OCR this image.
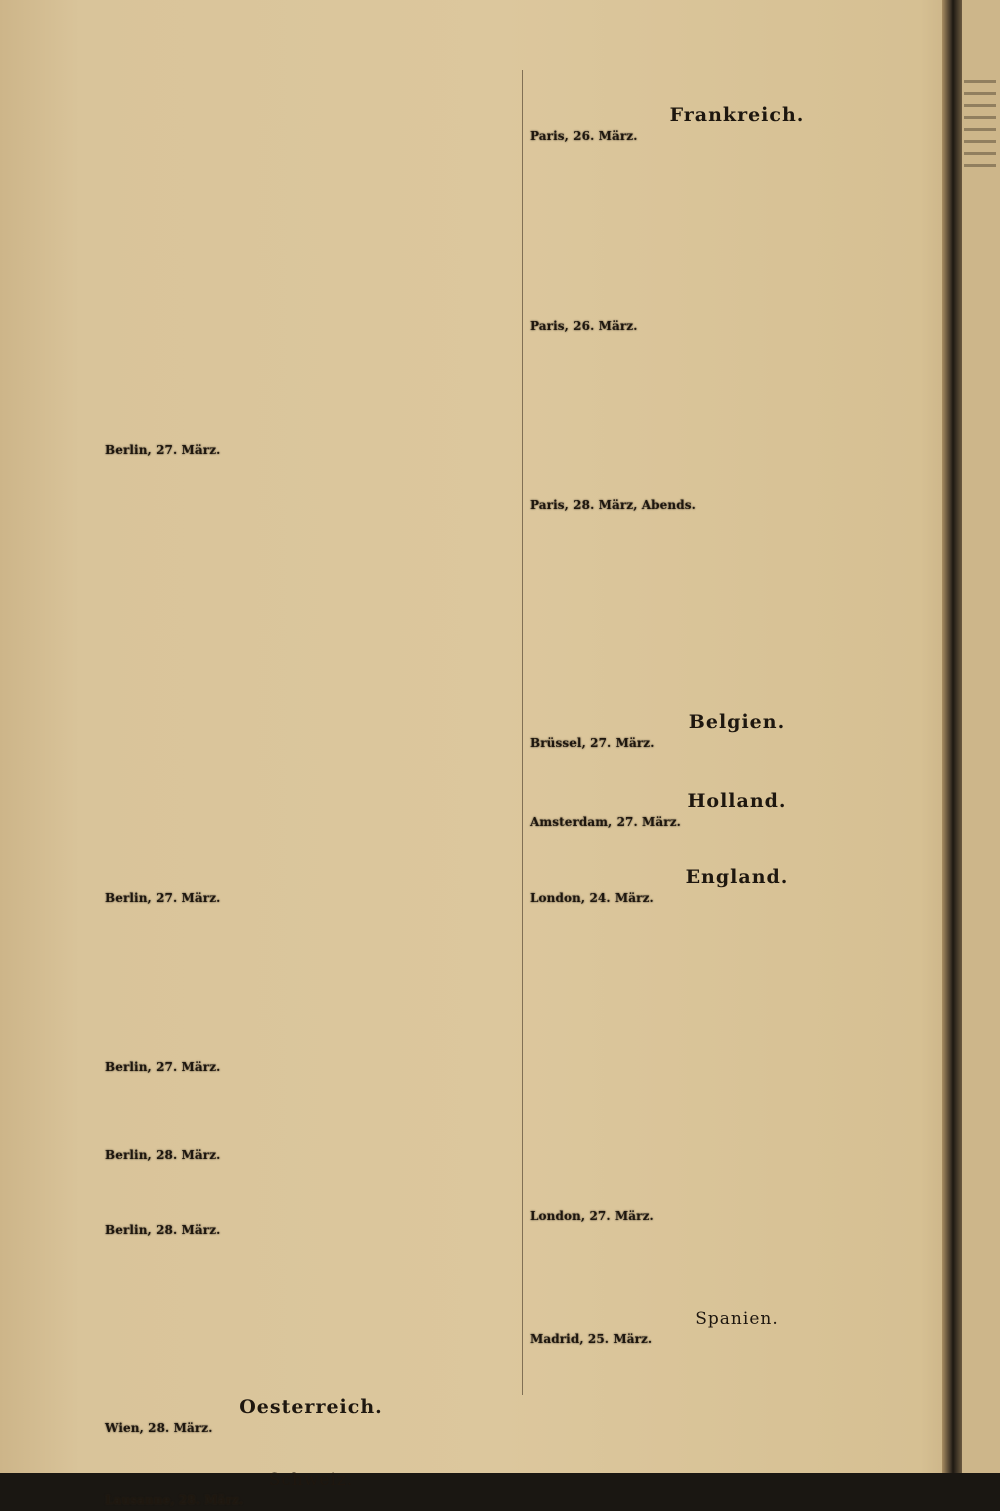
Berlin, 27. März.

Berlin, 27. März.

Berlin, 27. März.

Berlin, 28. März.

Berlin, 28. März.

Oesterreich.

Wien, 28. März.

Schweiz.

Lausanne, 28. März.

Frankreich.

Paris, 26. März.

Paris, 26. März.

Paris, 28. März, Abends.

Belgien.

Brüssel, 27. März.

Holland.

Amsterdam, 27. März.

England.

London, 24. März.

London, 27. März.

Spanien.

Madrid, 25. März.
